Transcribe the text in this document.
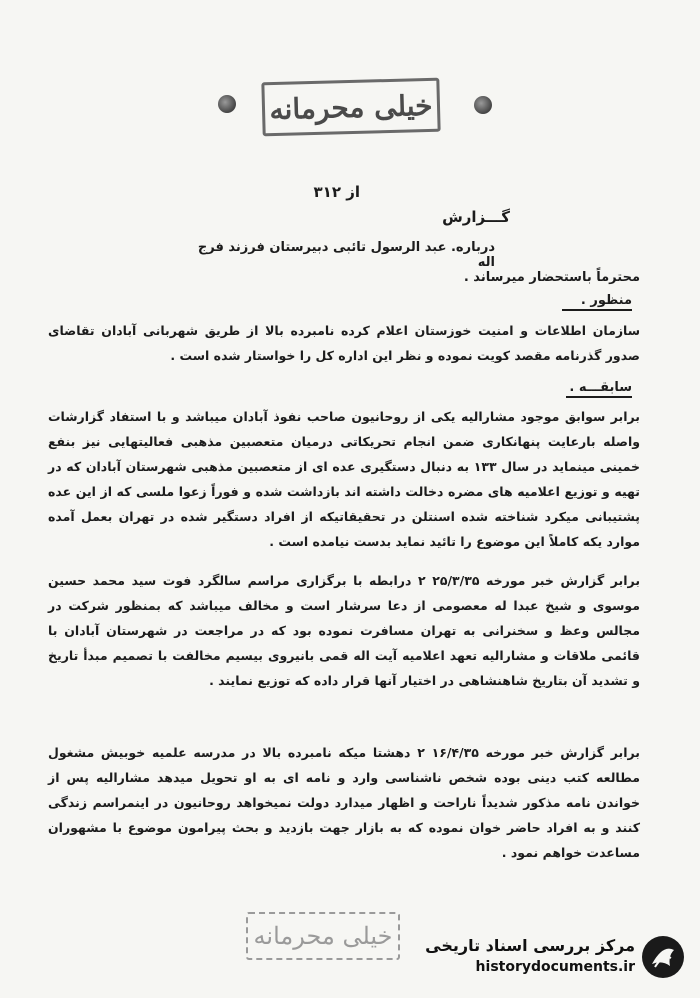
خیلی محرمانه
از ۳۱۲
گـــزارش
درباره. عبد الرسول تائبی دبیرستان فرزند فرج اله
محترماً باستحضار میرساند .
منظور .
سازمان اطلاعات و امنیت خوزستان اعلام کرده نامبرده بالا از طریق شهربانی آبادان تقاضای صدور گذرنامه مقصد کویت نموده و نظر این اداره کل را خواستار شده است .
سابقـــه .
برابر سوابق موجود مشارالیه یکی از روحانیون صاحب نفوذ آبادان میباشد و با استفاد گزارشات واصله بارعایت پنهانکاری ضمن انجام تحریکاتی درمیان متعصبین مذهبی فعالیتهایی نیز بنفع خمینی مینماید در سال ۱۳۳ به دنبال دستگیری عده ای از متعصبین مذهبی شهرستان آبادان که در تهیه و توزیع اعلامیه های مضره دخالت داشته اند بازداشت شده و فوراً زعوا ملسی که از این عده پشتیبانی میکرد شناخته شده اسنتلن در تحقیقاتیکه از افراد دستگیر شده در تهران بعمل آمده موارد یکه کاملاً این موضوع را تائید نماید بدست نیامده است .
برابر گزارش خبر مورخه ۲۵/۳/۳۵ ۲ درابطه با برگزاری مراسم سالگرد فوت سید محمد حسین موسوی و شیخ عبدا له معصومی از دعا سرشار است و مخالف میباشد که بمنظور شرکت در مجالس وعظ و سخنرانی به تهران مسافرت نموده بود که در مراجعت در شهرستان آبادان با قائمی ملاقات و مشارالیه تعهد اعلامیه آیت اله قمی بانیروی بیسیم مخالفت با تصمیم مبدأ تاریخ و تشدید آن بتاریخ شاهنشاهی در اختیار آنها قرار داده که توزیع نمایند .
برابر گزارش خبر مورخه ۱۶/۴/۳۵ ۲ دهشتا میکه نامبرده بالا در مدرسه علمیه خوبیش مشغول مطالعه کتب دینی بوده شخص ناشناسی وارد و نامه ای به او تحویل میدهد مشارالیه پس از خواندن نامه مذکور شدیداً ناراحت و اظهار میدارد دولت نمیخواهد روحانیون در اینمراسم زندگی کنند و به افراد حاضر خوان نموده که به بازار جهت بازدید و بحث پیرامون موضوع با مشهوران مساعدت خواهم نمود .
خیلی محرمانه	مرکز بررسی اسناد تاریخی
historydocuments.ir
